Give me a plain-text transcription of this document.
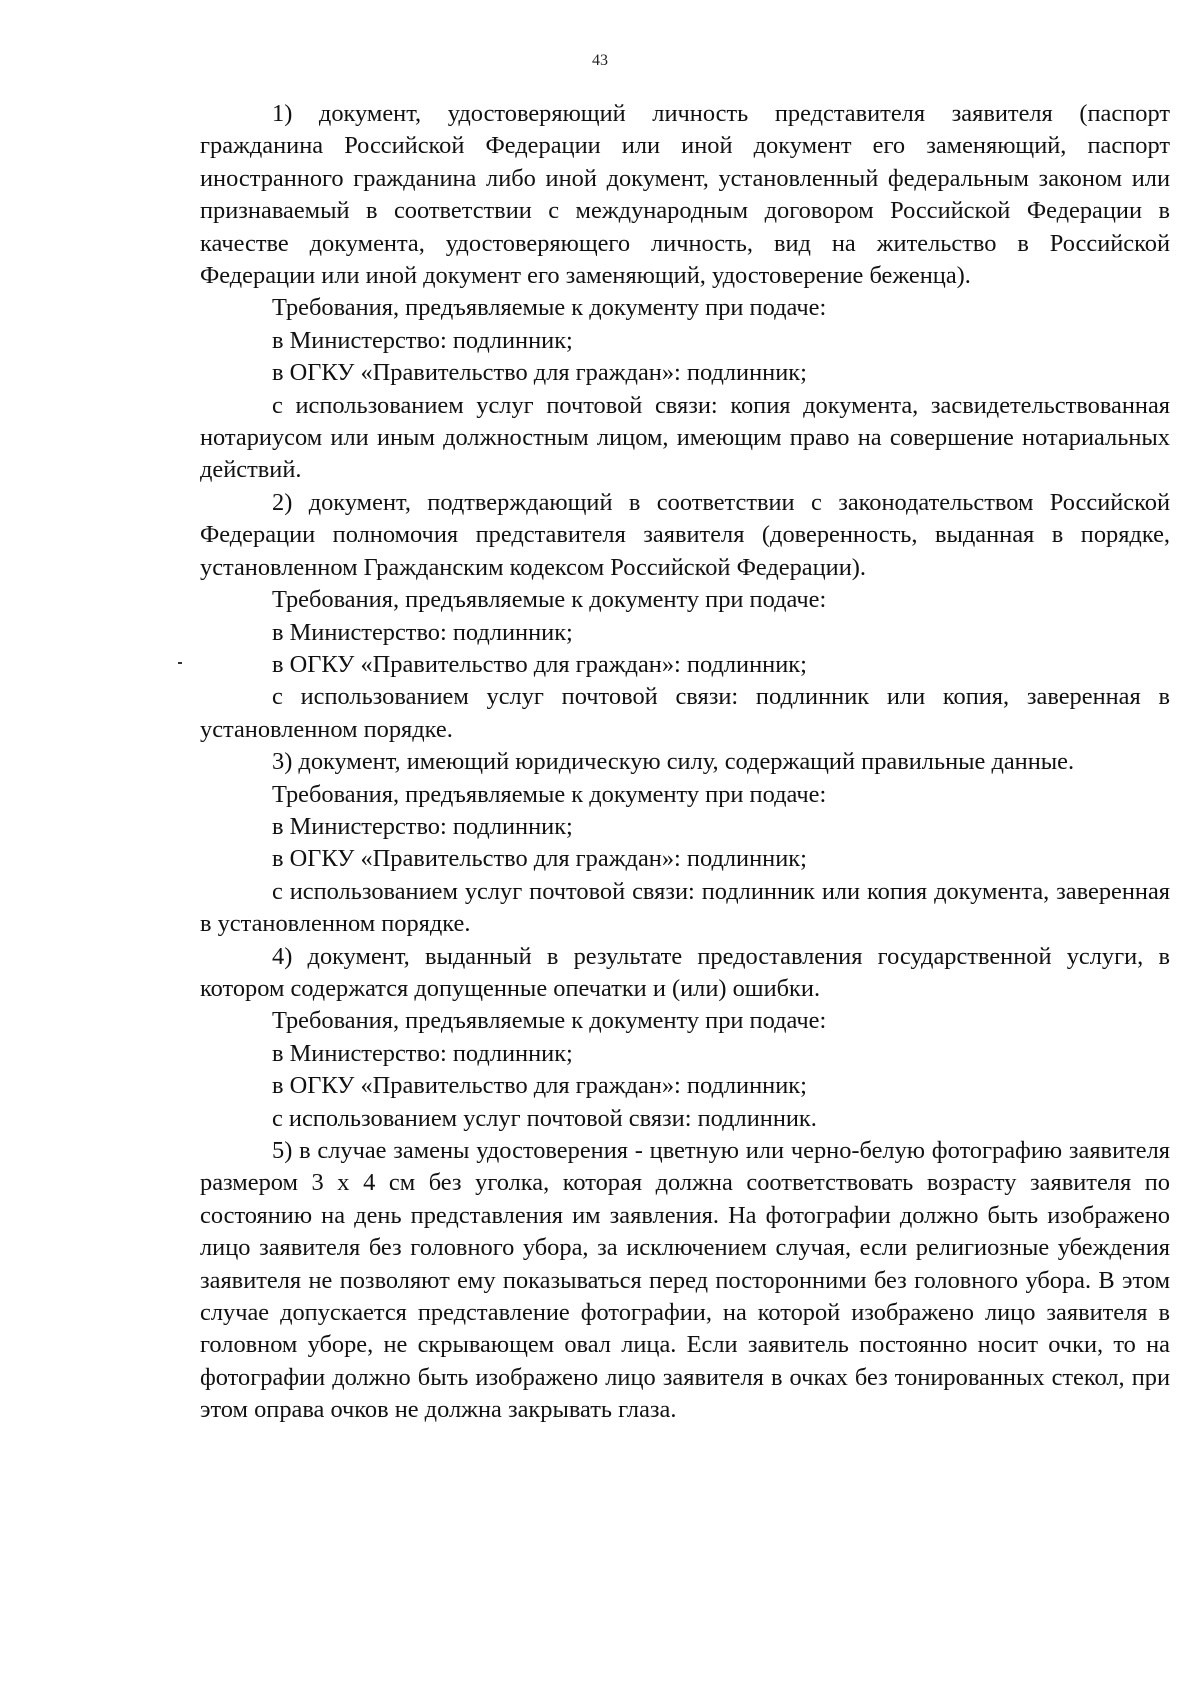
43

1) документ, удостоверяющий личность представителя заявителя (паспорт гражданина Российской Федерации или иной документ его заменяющий, паспорт иностранного гражданина либо иной документ, установленный федеральным законом или признаваемый в соответствии с международным договором Российской Федерации в качестве документа, удостоверяющего личность, вид на жительство в Российской Федерации или иной документ его заменяющий, удостоверение беженца).

Требования, предъявляемые к документу при подаче:

в Министерство: подлинник;

в ОГКУ «Правительство для граждан»: подлинник;

с использованием услуг почтовой связи: копия документа, засвидетельствованная нотариусом или иным должностным лицом, имеющим право на совершение нотариальных действий.

2) документ, подтверждающий в соответствии с законодательством Российской Федерации полномочия представителя заявителя (доверенность, выданная в порядке, установленном Гражданским кодексом Российской Федерации).

Требования, предъявляемые к документу при подаче:

в Министерство: подлинник;

в ОГКУ «Правительство для граждан»: подлинник;

с использованием услуг почтовой связи: подлинник или копия, заверенная в установленном порядке.

3) документ, имеющий юридическую силу, содержащий правильные данные.

Требования, предъявляемые к документу при подаче:

в Министерство: подлинник;

в ОГКУ «Правительство для граждан»: подлинник;

с использованием услуг почтовой связи: подлинник или копия документа, заверенная в установленном порядке.

4) документ, выданный в результате предоставления государственной услуги, в котором содержатся допущенные опечатки и (или) ошибки.

Требования, предъявляемые к документу при подаче:

в Министерство: подлинник;

в ОГКУ «Правительство для граждан»: подлинник;

с использованием услуг почтовой связи: подлинник.

5) в случае замены удостоверения - цветную или черно-белую фотографию заявителя размером 3 х 4 см без уголка, которая должна соответствовать возрасту заявителя по состоянию на день представления им заявления. На фотографии должно быть изображено лицо заявителя без головного убора, за исключением случая, если религиозные убеждения заявителя не позволяют ему показываться перед посторонними без головного убора. В этом случае допускается представление фотографии, на которой изображено лицо заявителя в головном уборе, не скрывающем овал лица. Если заявитель постоянно носит очки, то на фотографии должно быть изображено лицо заявителя в очках без тонированных стекол, при этом оправа очков не должна закрывать глаза.
